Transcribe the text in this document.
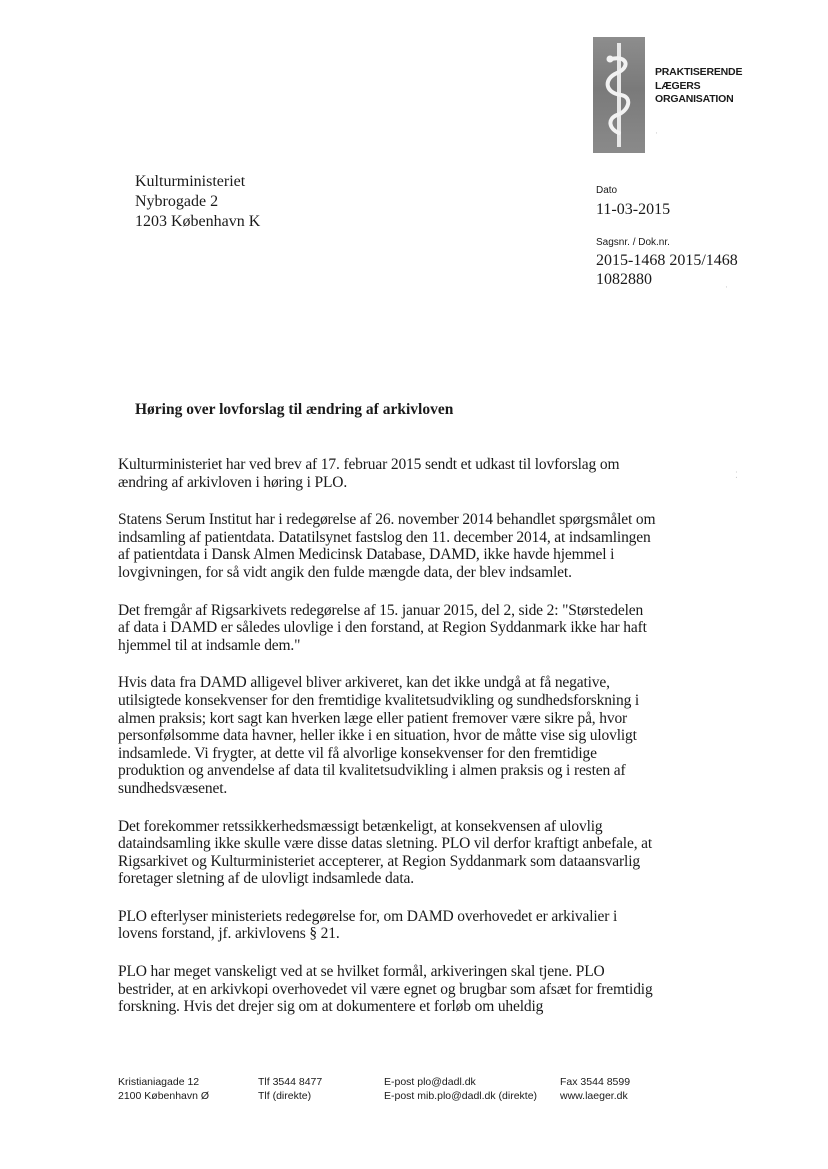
PRAKTISERENDE
LÆGERS
ORGANISATION
Kulturministeriet
Nybrogade 2
1203 København K
Dato
11-03-2015
Sagsnr. / Dok.nr.
2015-1468 2015/1468
1082880
Høring over lovforslag til ændring af arkivloven

Kulturministeriet har ved brev af 17. februar 2015 sendt et udkast til lovforslag om ændring af arkivloven i høring i PLO.

Statens Serum Institut har i redegørelse af 26. november 2014 behandlet spørgsmålet om indsamling af patientdata. Datatilsynet fastslog den 11. december 2014, at indsamlingen af patientdata i Dansk Almen Medicinsk Database, DAMD, ikke havde hjemmel i lovgivningen, for så vidt angik den fulde mængde data, der blev indsamlet.

Det fremgår af Rigsarkivets redegørelse af 15. januar 2015, del 2, side 2: "Størstedelen af data i DAMD er således ulovlige i den forstand, at Region Syddanmark ikke har haft hjemmel til at indsamle dem."

Hvis data fra DAMD alligevel bliver arkiveret, kan det ikke undgå at få negative, utilsigtede konsekvenser for den fremtidige kvalitetsudvikling og sundhedsforskning i almen praksis; kort sagt kan hverken læge eller patient fremover være sikre på, hvor personfølsomme data havner, heller ikke i en situation, hvor de måtte vise sig ulovligt indsamlede. Vi frygter, at dette vil få alvorlige konsekvenser for den fremtidige produktion og anvendelse af data til kvalitetsudvikling i almen praksis og i resten af sundhedsvæsenet.

Det forekommer retssikkerhedsmæssigt betænkeligt, at konsekvensen af ulovlig dataindsamling ikke skulle være disse datas sletning. PLO vil derfor kraftigt anbefale, at Rigsarkivet og Kulturministeriet accepterer, at Region Syddanmark som dataansvarlig foretager sletning af de ulovligt indsamlede data.

PLO efterlyser ministeriets redegørelse for, om DAMD overhovedet er arkivalier i lovens forstand, jf. arkivlovens § 21.

PLO har meget vanskeligt ved at se hvilket formål, arkiveringen skal tjene. PLO bestrider, at en arkivkopi overhovedet vil være egnet og brugbar som afsæt for fremtidig forskning. Hvis det drejer sig om at dokumentere et forløb om uheldig

Kristianiagade 12
2100 København Ø
Tlf 3544 8477
Tlf (direkte)
E-post plo@dadl.dk
E-post mib.plo@dadl.dk (direkte)
Fax 3544 8599
www.laeger.dk
·
⁚
·
